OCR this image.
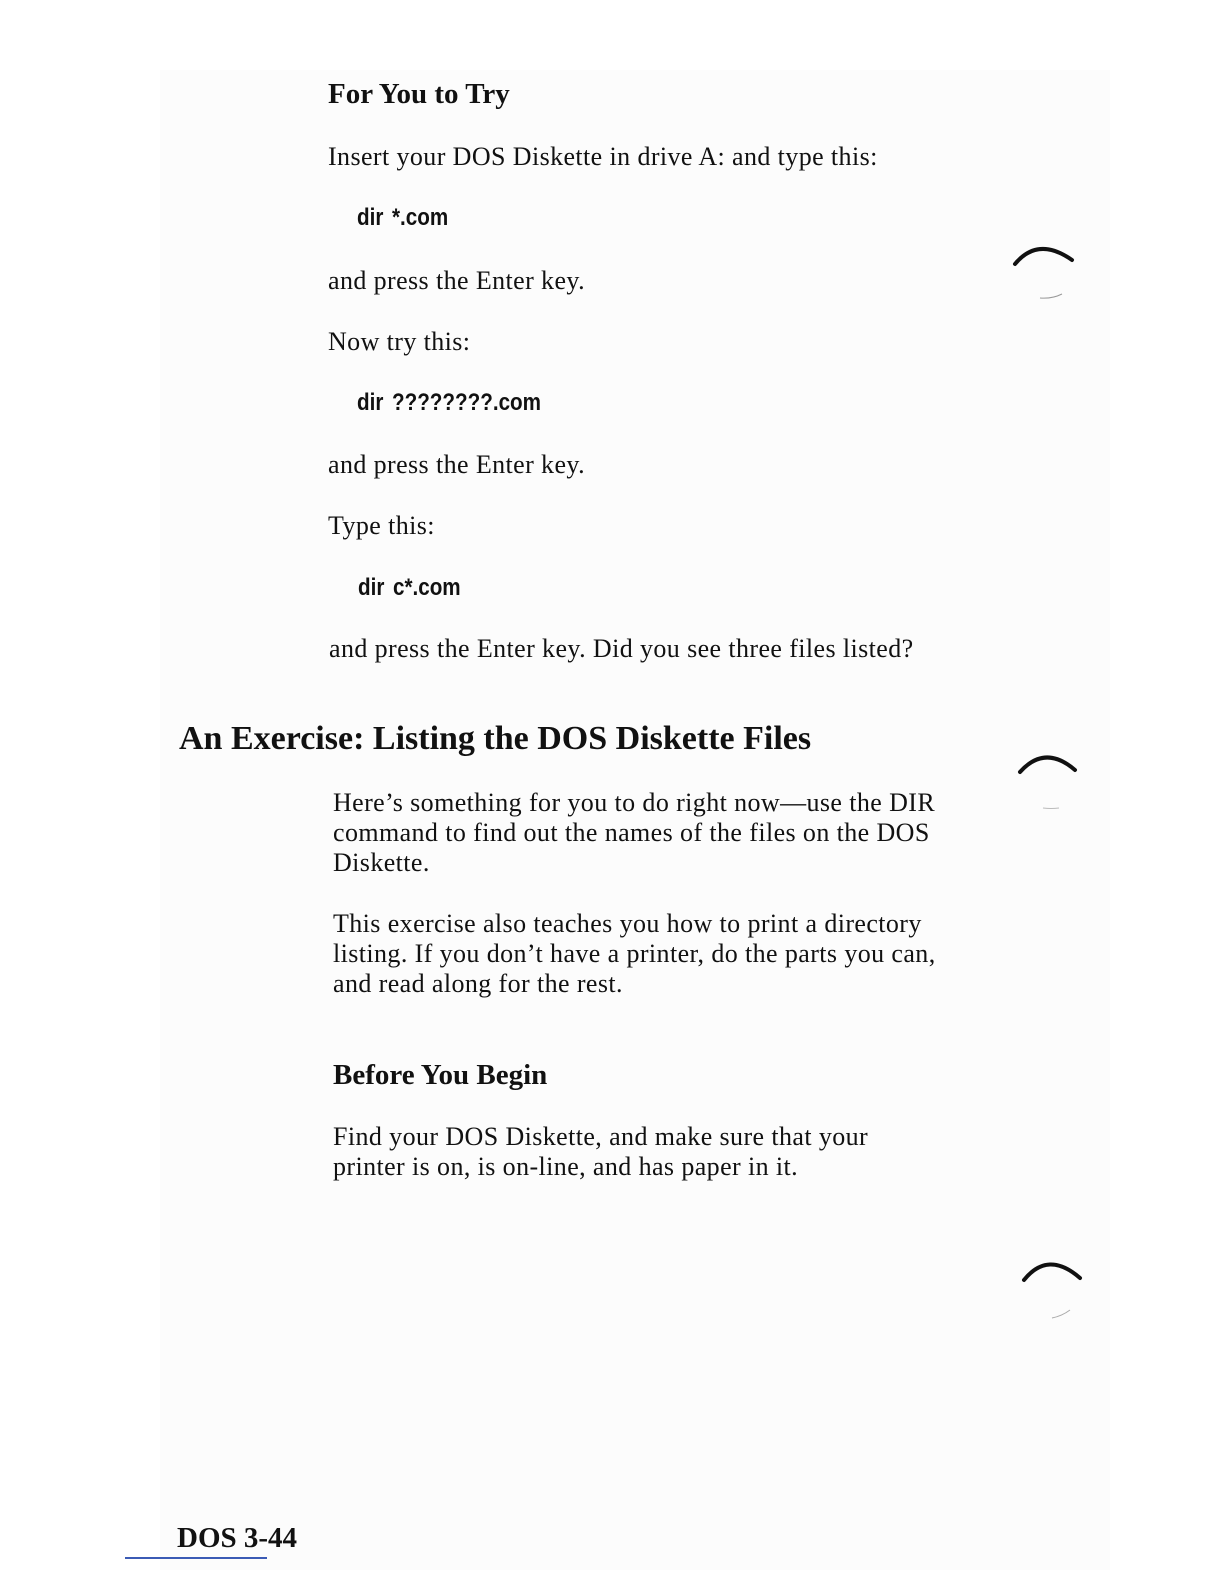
For You to Try

Insert your DOS Diskette in drive A: and type this:

dir *.com

and press the Enter key.

Now try this:

dir ????????.com

and press the Enter key.

Type this:

dir c*.com

and press the Enter key. Did you see three files listed?

An Exercise: Listing the DOS Diskette Files
Here’s something for you to do right now—use the DIR
command to find out the names of the files on the DOS
Diskette.
This exercise also teaches you how to print a directory
listing. If you don’t have a printer, do the parts you can,
and read along for the rest.
Before You Begin
Find your DOS Diskette, and make sure that your
printer is on, is on-line, and has paper in it.
DOS 3-44
